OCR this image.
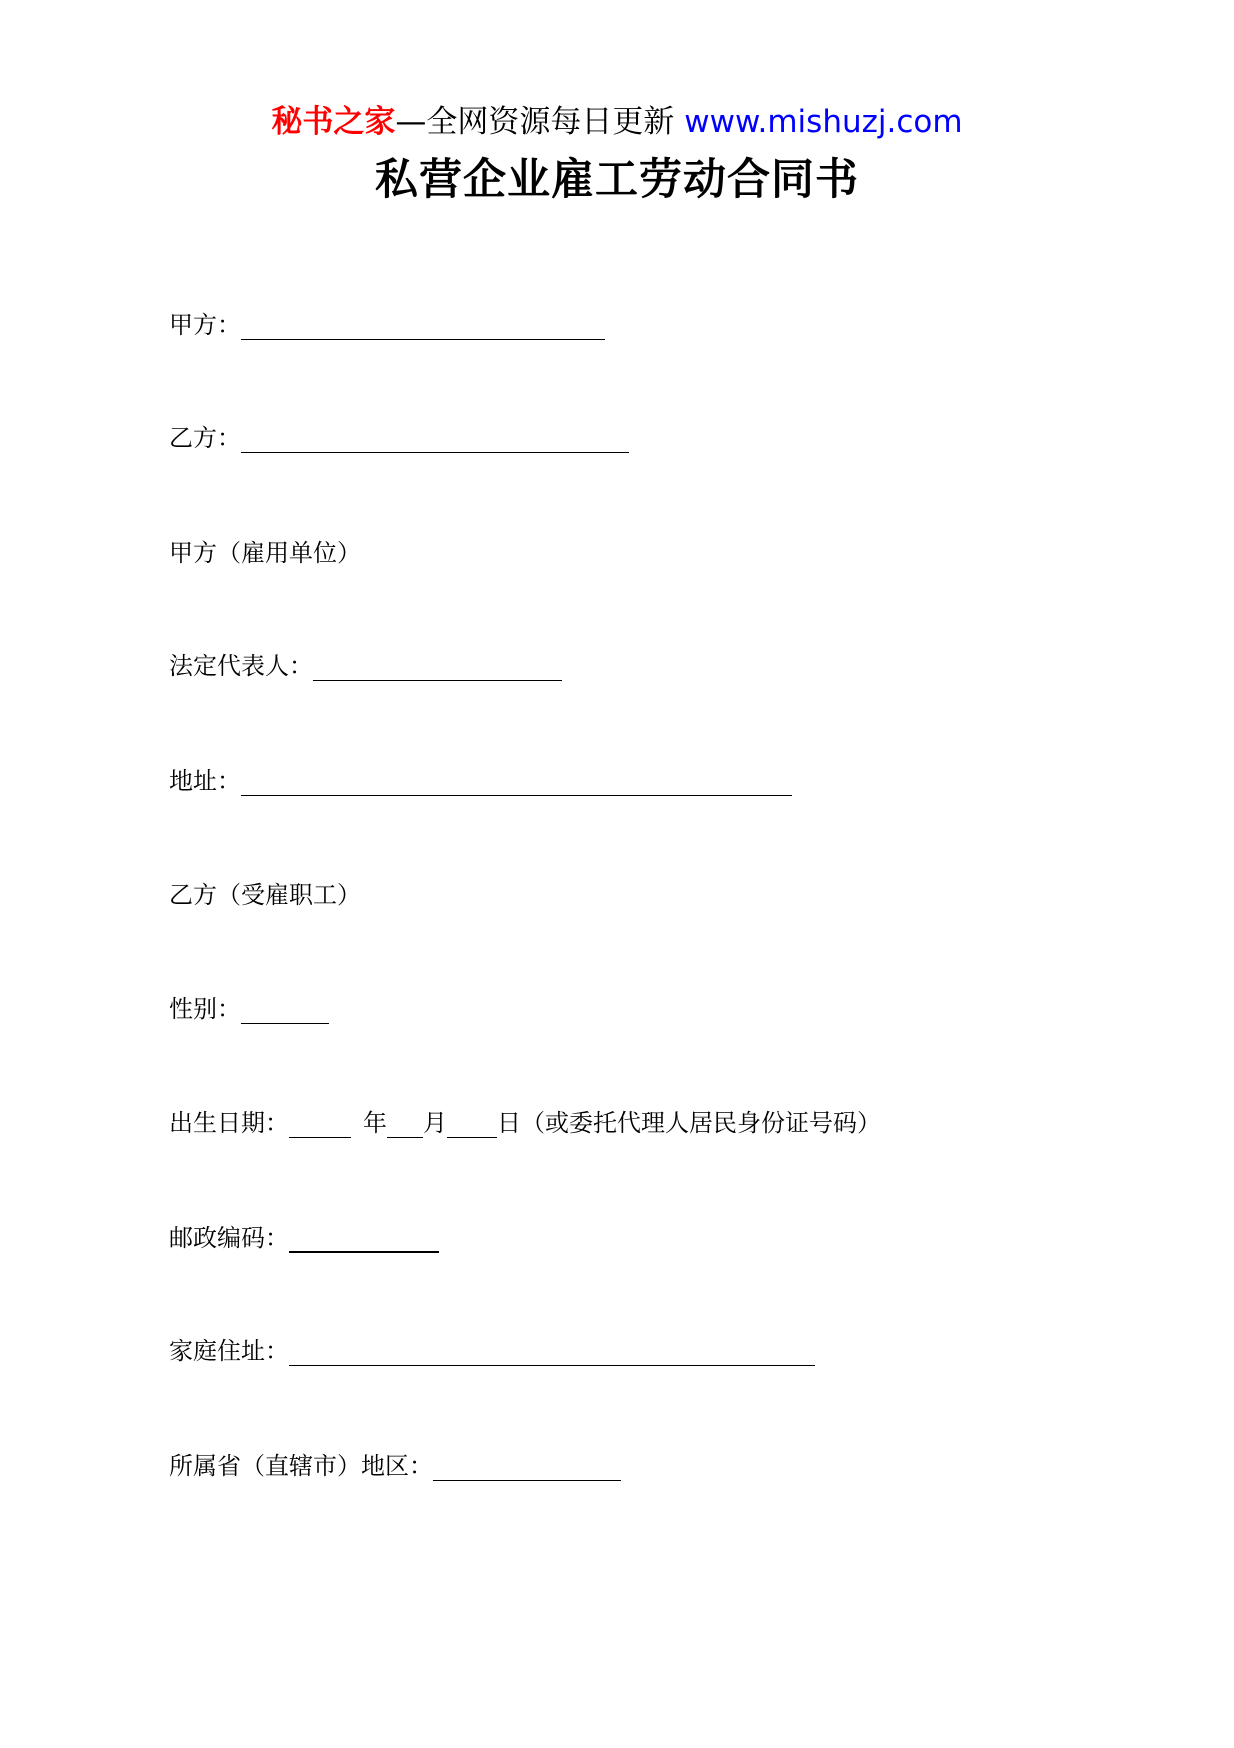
秘书之家—全网资源每日更新 www.mishuzj.com
私营企业雇工劳动合同书
甲方：
乙方：
甲方（雇用单位）
法定代表人：
地址：
乙方（受雇职工）
性别：
出生日期：	年 月 日（或委托代理人居民身份证号码）
邮政编码：
家庭住址：
所属省（直辖市）地区：
